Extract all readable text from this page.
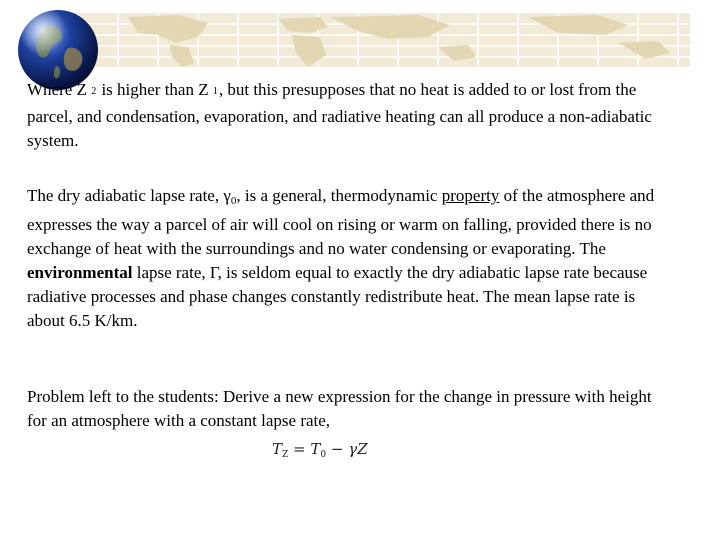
Where Z 2 is higher than Z 1, but this presupposes that no heat is added to or lost from the parcel, and condensation, evaporation, and radiative heating can all produce a non-adiabatic system.
The dry adiabatic lapse rate, $\gamma_0$, is a general, thermodynamic property of the atmosphere and expresses the way a parcel of air will cool on rising or warm on falling, provided there is no exchange of heat with the surroundings and no water condensing or evaporating. The environmental lapse rate, Γ, is seldom equal to exactly the dry adiabatic lapse rate because radiative processes and phase changes constantly redistribute heat. The mean lapse rate is about 6.5 K/km.
Problem left to the students: Derive a new expression for the change in pressure with height for an atmosphere with a constant lapse rate,
$T_Z = T_0 - \gamma Z$
